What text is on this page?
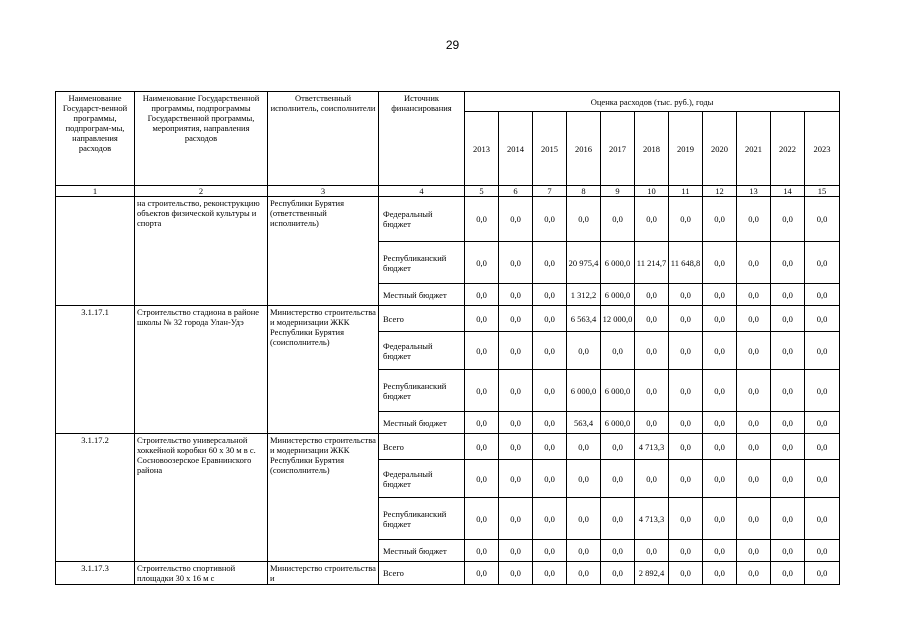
29
Наименование Государст-венной программы, подпрограм-мы, направления расходов	Наименование Государственной программы, подпрограммы Государственной программы, мероприятия, направления расходов	Ответственный исполнитель, соисполнители	Источник финансирования	Оценка расходов (тыс. руб.), годы										
				2013	2014	2015	2016	2017	2018	2019	2020	2021	2022	2023
1	2	3	4	5	6	7	8	9	10	11	12	13	14	15
	на строительство, реконструкцию объектов физической культуры и спорта	Республики Бурятия (ответственный исполнитель)	Федеральный бюджет	0,0	0,0	0,0	0,0	0,0	0,0	0,0	0,0	0,0	0,0	0,0
			Республиканский бюджет	0,0	0,0	0,0	20 975,4	6 000,0	11 214,7	11 648,8	0,0	0,0	0,0	0,0
			Местный бюджет	0,0	0,0	0,0	1 312,2	6 000,0	0,0	0,0	0,0	0,0	0,0	0,0
3.1.17.1	Строительство стадиона в районе школы № 32 города Улан-Удэ	Министерство строительства и модернизации ЖКК Республики Бурятия (соисполнитель)	Всего	0,0	0,0	0,0	6 563,4	12 000,0	0,0	0,0	0,0	0,0	0,0	0,0
			Федеральный бюджет	0,0	0,0	0,0	0,0	0,0	0,0	0,0	0,0	0,0	0,0	0,0
			Республиканский бюджет	0,0	0,0	0,0	6 000,0	6 000,0	0,0	0,0	0,0	0,0	0,0	0,0
			Местный бюджет	0,0	0,0	0,0	563,4	6 000,0	0,0	0,0	0,0	0,0	0,0	0,0
3.1.17.2	Строительство универсальной хоккейной коробки 60 х 30 м в с. Сосновоозерское Еравнинского района	Министерство строительства и модернизации ЖКК Республики Бурятия (соисполнитель)	Всего	0,0	0,0	0,0	0,0	0,0	4 713,3	0,0	0,0	0,0	0,0	0,0
			Федеральный бюджет	0,0	0,0	0,0	0,0	0,0	0,0	0,0	0,0	0,0	0,0	0,0
			Республиканский бюджет	0,0	0,0	0,0	0,0	0,0	4 713,3	0,0	0,0	0,0	0,0	0,0
			Местный бюджет	0,0	0,0	0,0	0,0	0,0	0,0	0,0	0,0	0,0	0,0	0,0
3.1.17.3	Строительство спортивной площадки 30 х 16 м с	Министерство строительства и	Всего	0,0	0,0	0,0	0,0	0,0	2 892,4	0,0	0,0	0,0	0,0	0,0
